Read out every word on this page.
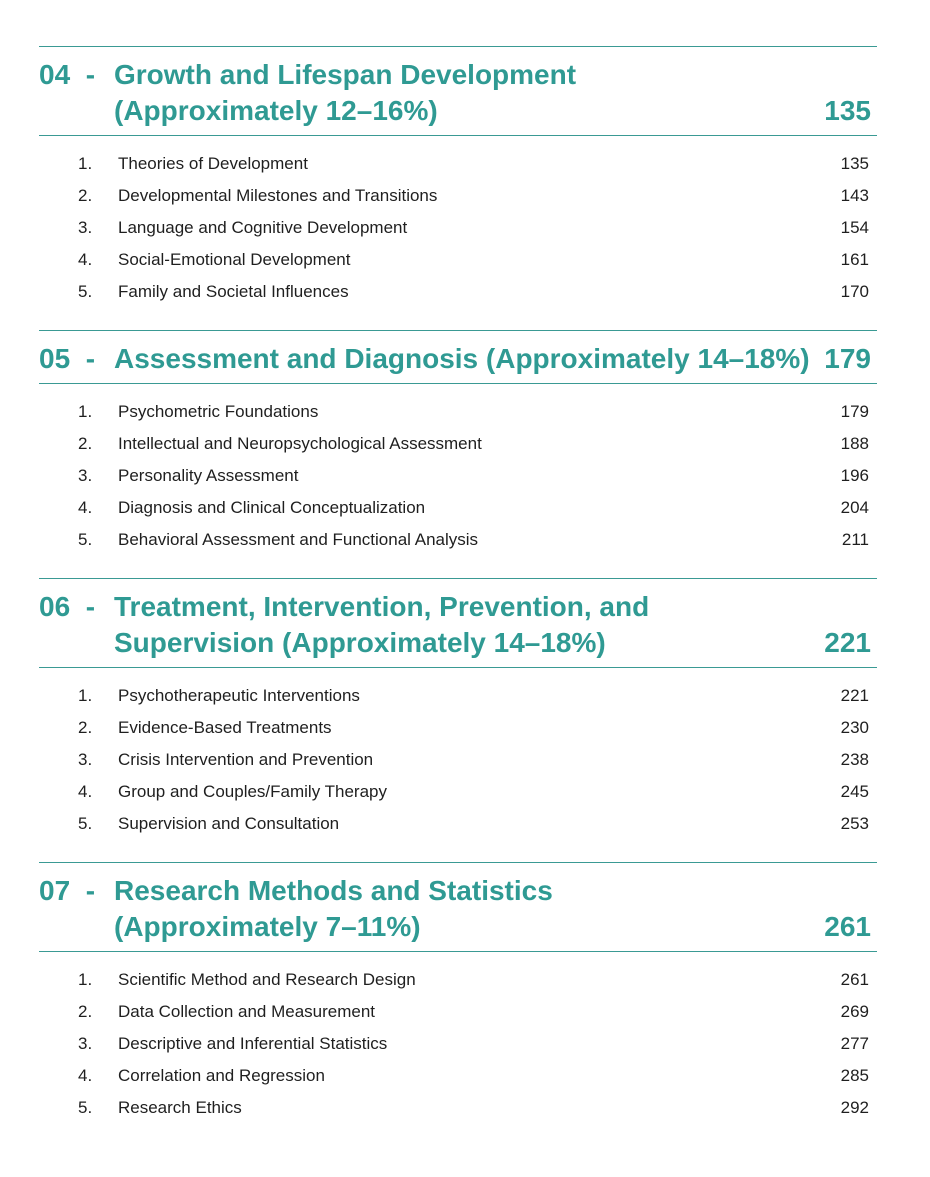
04 - Growth and Lifespan Development
(Approximately 12–16%)	135
1.	Theories of Development	135
2.	Developmental Milestones and Transitions	143
3.	Language and Cognitive Development	154
4.	Social-Emotional Development	161
5.	Family and Societal Influences	170
05 - Assessment and Diagnosis (Approximately 14–18%) 179
1.	Psychometric Foundations	179
2.	Intellectual and Neuropsychological Assessment	188
3.	Personality Assessment	196
4.	Diagnosis and Clinical Conceptualization	204
5.	Behavioral Assessment and Functional Analysis	211
06 - Treatment, Intervention, Prevention, and
Supervision (Approximately 14–18%)	221
1.	Psychotherapeutic Interventions	221
2.	Evidence-Based Treatments	230
3.	Crisis Intervention and Prevention	238
4.	Group and Couples/Family Therapy	245
5.	Supervision and Consultation	253
07 - Research Methods and Statistics
(Approximately 7–11%)	261
1.	Scientific Method and Research Design	261
2.	Data Collection and Measurement	269
3.	Descriptive and Inferential Statistics	277
4.	Correlation and Regression	285
5.	Research Ethics	292
